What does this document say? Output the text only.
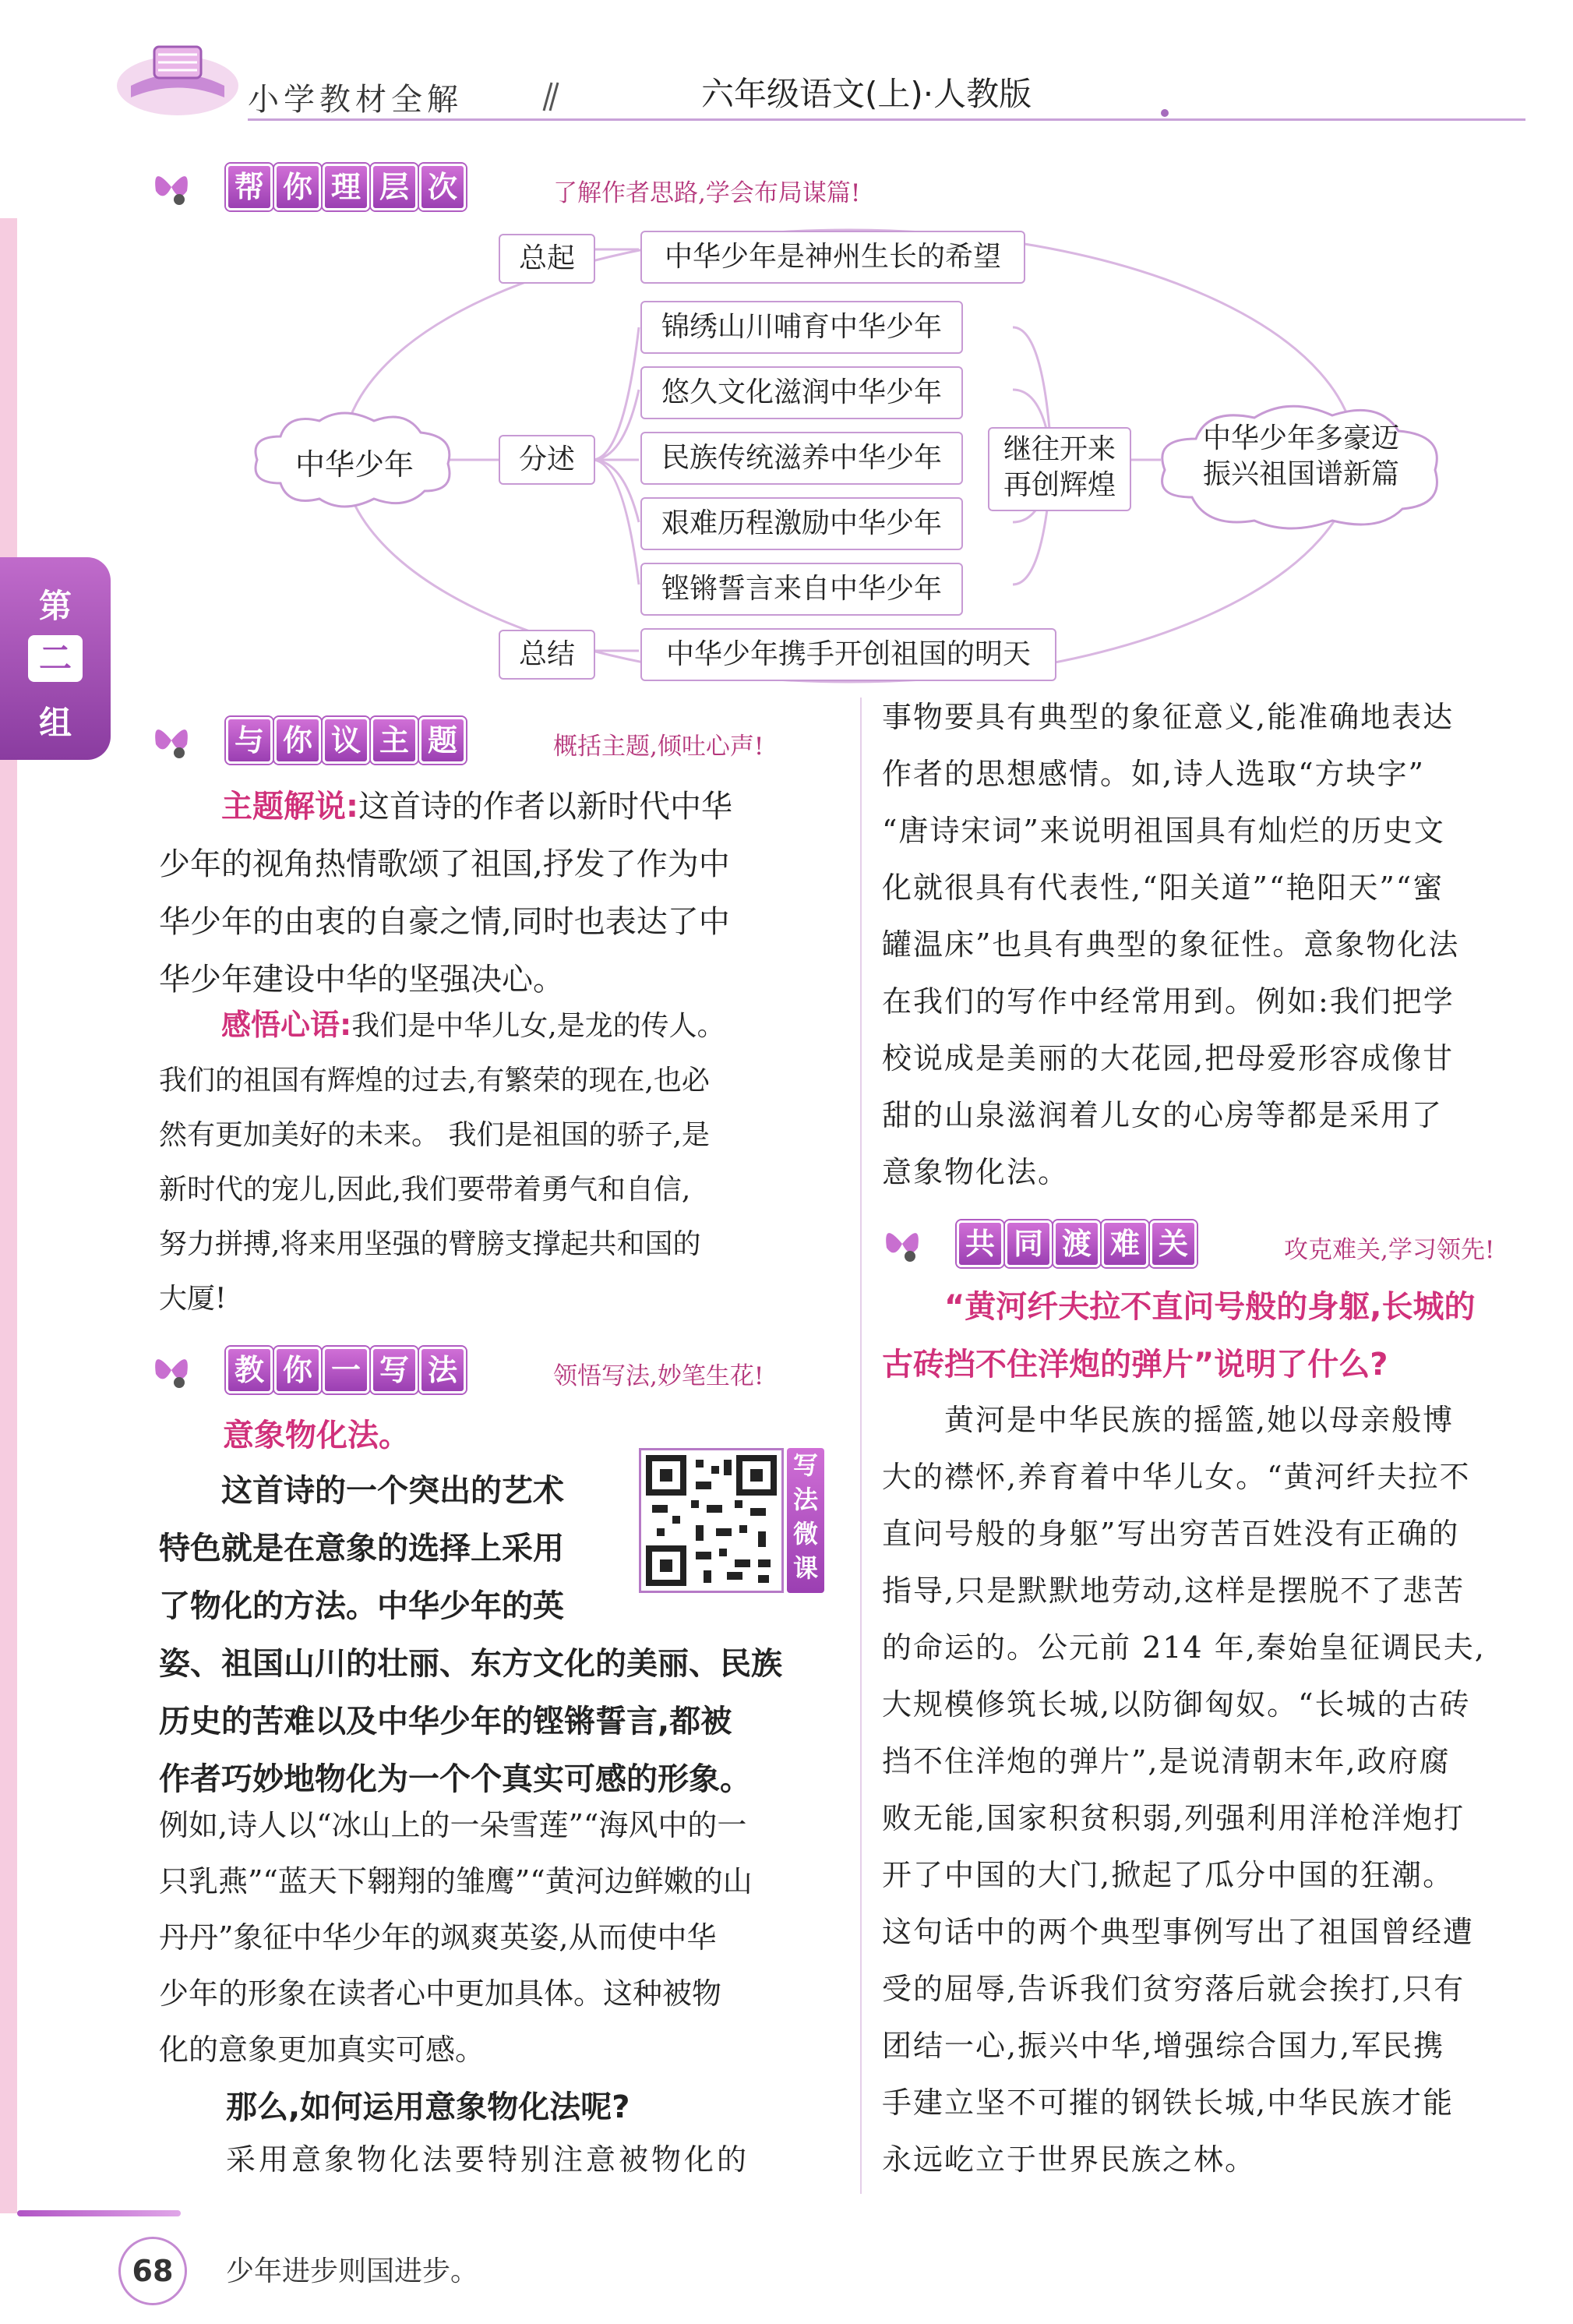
小学教材全解	六年级语文(上)·人教版
第
二
组
帮 你 理 层 次	了解作者思路,学会布局谋篇!
中华少年
总起
分述
总结
中华少年是神州生长的希望
锦绣山川哺育中华少年
悠久文化滋润中华少年
民族传统滋养中华少年
艰难历程激励中华少年
铿锵誓言来自中华少年
中华少年携手开创祖国的明天
继往开来
再创辉煌
中华少年多豪迈
振兴祖国谱新篇
与 你 议 主 题	概括主题,倾吐心声!
主题解说:这首诗的作者以新时代中华
少年的视角热情歌颂了祖国,抒发了作为中
华少年的由衷的自豪之情,同时也表达了中
华少年建设中华的坚强决心。
感悟心语:我们是中华儿女,是龙的传人。
我们的祖国有辉煌的过去,有繁荣的现在,也必
然有更加美好的未来。 我们是祖国的骄子,是
新时代的宠儿,因此,我们要带着勇气和自信,
努力拼搏,将来用坚强的臂膀支撑起共和国的
大厦!
教 你 一 写 法	领悟写法,妙笔生花!
意象物化法。
写
法
微
课
这首诗的一个突出的艺术
特色就是在意象的选择上采用
了物化的方法。中华少年的英
姿、祖国山川的壮丽、东方文化的美丽、民族
历史的苦难以及中华少年的铿锵誓言,都被
作者巧妙地物化为一个个真实可感的形象。
例如,诗人以“冰山上的一朵雪莲”“海风中的一
只乳燕”“蓝天下翱翔的雏鹰”“黄河边鲜嫩的山
丹丹”象征中华少年的飒爽英姿,从而使中华
少年的形象在读者心中更加具体。这种被物
化的意象更加真实可感。
那么,如何运用意象物化法呢?
采用意象物化法要特别注意被物化的
事物要具有典型的象征意义,能准确地表达
作者的思想感情。如,诗人选取“方块字”
“唐诗宋词”来说明祖国具有灿烂的历史文
化就很具有代表性,“阳关道”“艳阳天”“蜜
罐温床”也具有典型的象征性。意象物化法
在我们的写作中经常用到。例如:我们把学
校说成是美丽的大花园,把母爱形容成像甘
甜的山泉滋润着儿女的心房等都是采用了
意象物化法。
共 同 渡 难 关	攻克难关,学习领先!
“黄河纤夫拉不直问号般的身躯,长城的
古砖挡不住洋炮的弹片”说明了什么?
黄河是中华民族的摇篮,她以母亲般博
大的襟怀,养育着中华儿女。“黄河纤夫拉不
直问号般的身躯”写出穷苦百姓没有正确的
指导,只是默默地劳动,这样是摆脱不了悲苦
的命运的。公元前 214 年,秦始皇征调民夫,
大规模修筑长城,以防御匈奴。“长城的古砖
挡不住洋炮的弹片”,是说清朝末年,政府腐
败无能,国家积贫积弱,列强利用洋枪洋炮打
开了中国的大门,掀起了瓜分中国的狂潮。
这句话中的两个典型事例写出了祖国曾经遭
受的屈辱,告诉我们贫穷落后就会挨打,只有
团结一心,振兴中华,增强综合国力,军民携
手建立坚不可摧的钢铁长城,中华民族才能
永远屹立于世界民族之林。
68	少年进步则国进步。
